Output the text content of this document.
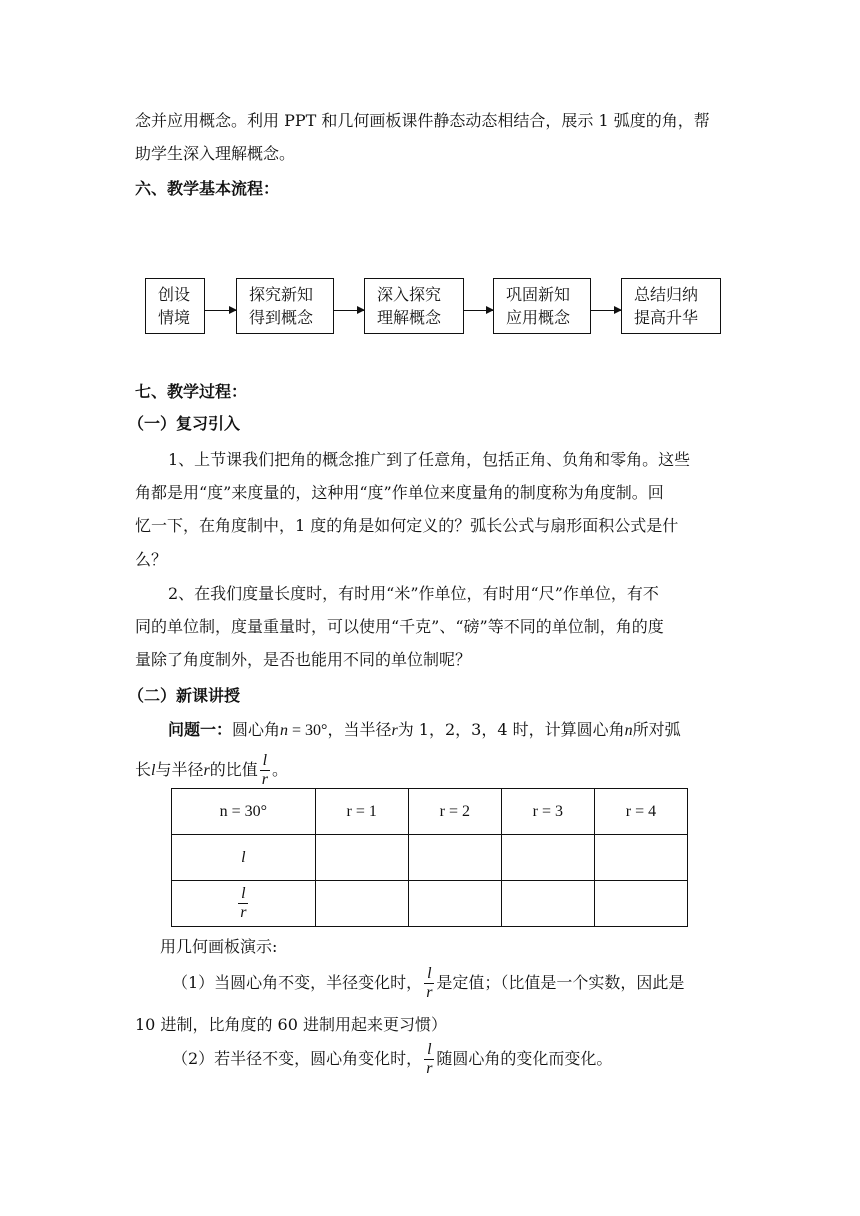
念并应用概念。利用 PPT 和几何画板课件静态动态相结合，展示 1 弧度的角，帮
助学生深入理解概念。
六、教学基本流程：
创设
情境
探究新知
得到概念
深入探究
理解概念
巩固新知
应用概念
总结归纳
提高升华
七、教学过程：
（一）复习引入
1、上节课我们把角的概念推广到了任意角，包括正角、负角和零角。这些
角都是用“度”来度量的，这种用“度”作单位来度量角的制度称为角度制。回
忆一下，在角度制中，1 度的角是如何定义的？弧长公式与扇形面积公式是什
么？
2、在我们度量长度时，有时用“米”作单位，有时用“尺”作单位，有不
同的单位制，度量重量时，可以使用“千克”、“磅”等不同的单位制，角的度
量除了角度制外，是否也能用不同的单位制呢？
（二）新课讲授
问题一：圆心角n = 30°，当半径r为 1，2，3，4 时，计算圆心角n所对弧
长l与半径r的比值 $\frac{l}{r}$ 。
n = 30°	r = 1	r = 2	r = 3	r = 4
l				

$\frac{l}{r}$

用几何画板演示:
（1）当圆心角不变，半径变化时， $\frac{l}{r}$ 是定值；（比值是一个实数，因此是
10 进制，比角度的 60 进制用起来更习惯）
（2）若半径不变，圆心角变化时， $\frac{l}{r}$ 随圆心角的变化而变化。
